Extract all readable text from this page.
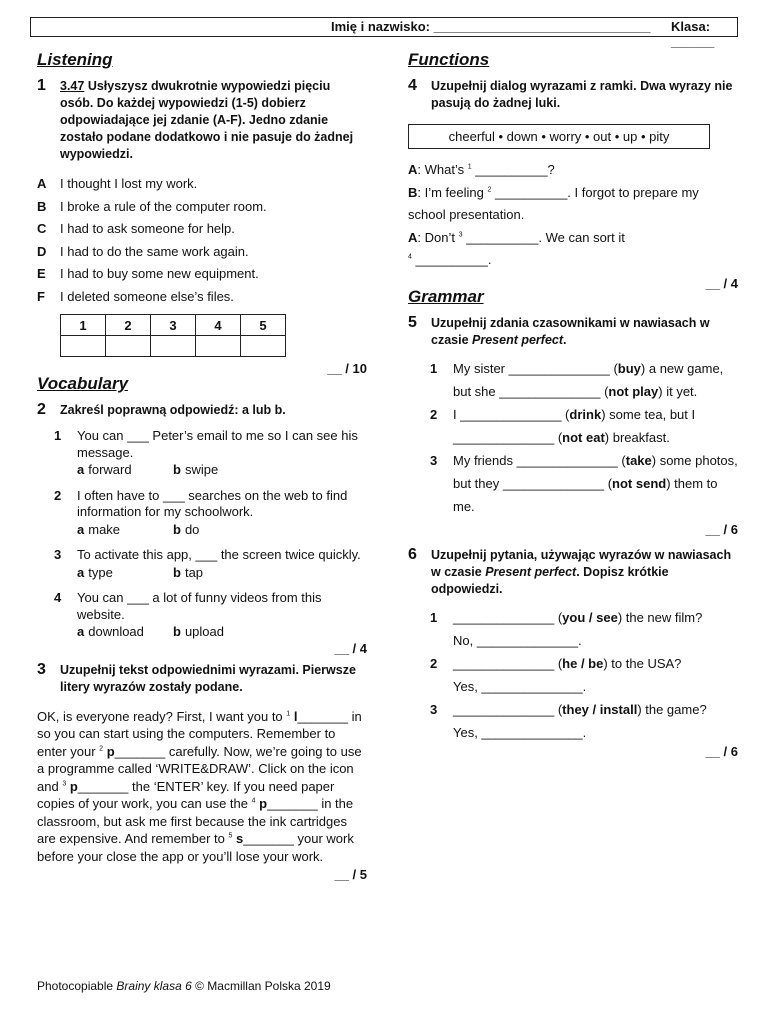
Imię i nazwisko: ______________________________ Klasa: ______
Listening
1 3.47 Usłyszysz dwukrotnie wypowiedzi pięciu osób. Do każdej wypowiedzi (1-5) dobierz odpowiadające jej zdanie (A-F). Jedno zdanie zostało podane dodatkowo i nie pasuje do żadnej wypowiedzi.

A I thought I lost my work.
B I broke a rule of the computer room.
C I had to ask someone for help.
D I had to do the same work again.
E I had to buy some new equipment.
F I deleted someone else’s files.
1	2	3	4	5

__ / 10
Vocabulary
2 Zakreśl poprawną odpowiedź: a lub b.

1 You can ___ Peter’s email to me so I can see his message.
a forward	b swipe
2 I often have to ___ searches on the web to find information for my schoolwork.
a make	b do
3 To activate this app, ___ the screen twice quickly.
a type	b tap
4 You can ___ a lot of funny videos from this website.
a download	b upload
__ / 4
3 Uzupełnij tekst odpowiednimi wyrazami. Pierwsze litery wyrazów zostały podane.

OK, is everyone ready? First, I want you to $^1$ l_______ in so you can start using the computers. Remember to enter your $^2$ p_______ carefully. Now, we’re going to use a programme called ‘WRITE&DRAW’. Click on the icon and $^3$ p_______ the ‘ENTER’ key. If you need paper copies of your work, you can use the $^4$ p_______ in the classroom, but ask me first because the ink cartridges are expensive. And remember to $^5$ s_______ your work before your close the app or you’ll lose your work.
__ / 5
Functions
4 Uzupełnij dialog wyrazami z ramki. Dwa wyrazy nie pasują do żadnej luki.

cheerful • down • worry • out • up • pity
A: What’s $^1$ __________?
B: I’m feeling $^2$ __________. I forgot to prepare my school presentation.
A: Don’t $^3$ __________. We can sort it
$^4$ __________.
__ / 4
Grammar
5 Uzupełnij zdania czasownikami w nawiasach w czasie Present perfect.

1 My sister ______________ (buy) a new game, but she ______________ (not play) it yet.
2 I ______________ (drink) some tea, but I ______________ (not eat) breakfast.
3 My friends ______________ (take) some photos, but they ______________ (not send) them to me.
__ / 6
6 Uzupełnij pytania, używając wyrazów w nawiasach w czasie Present perfect. Dopisz krótkie odpowiedzi.

1 ______________ (you / see) the new film?
No, ______________.
2 ______________ (he / be) to the USA?
Yes, ______________.
3 ______________ (they / install) the game?
Yes, ______________.
__ / 6
Photocopiable Brainy klasa 6 © Macmillan Polska 2019
